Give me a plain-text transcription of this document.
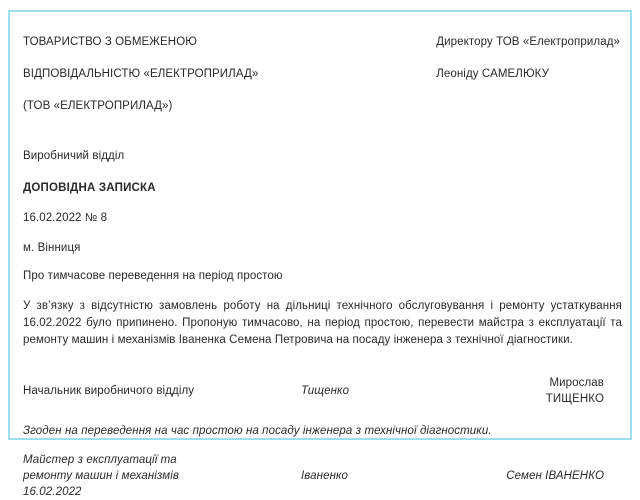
ТОВАРИСТВО З ОБМЕЖЕНОЮ

ВІДПОВІДАЛЬНІСТЮ «ЕЛЕКТРОПРИЛАД»

(ТОВ «ЕЛЕКТРОПРИЛАД»)

Директору ТОВ «Електроприлад»

Леоніду САМЕЛЮКУ

Виробничий відділ
ДОПОВІДНА ЗАПИСКА
16.02.2022 № 8
м. Вінниця
Про тимчасове переведення на період простою
У зв’язку з відсутністю замовлень роботу на дільниці технічного обслуговування і ремонту устаткування 16.02.2022 було припинено. Пропоную тимчасово, на період простою, перевести майстра з експлуатації та ремонту машин і механізмів Іваненка Семена Петровича на посаду інженера з технічної діагностики.
Начальник виробничого відділу	Тищенко
Мирослав ТИЩЕНКО
Згоден на переведення на час простою на посаду інженера з технічної діагностики.
Майстер з експлуатації та
ремонту машин і механізмів
16.02.2022
Іваненко	Семен ІВАНЕНКО
